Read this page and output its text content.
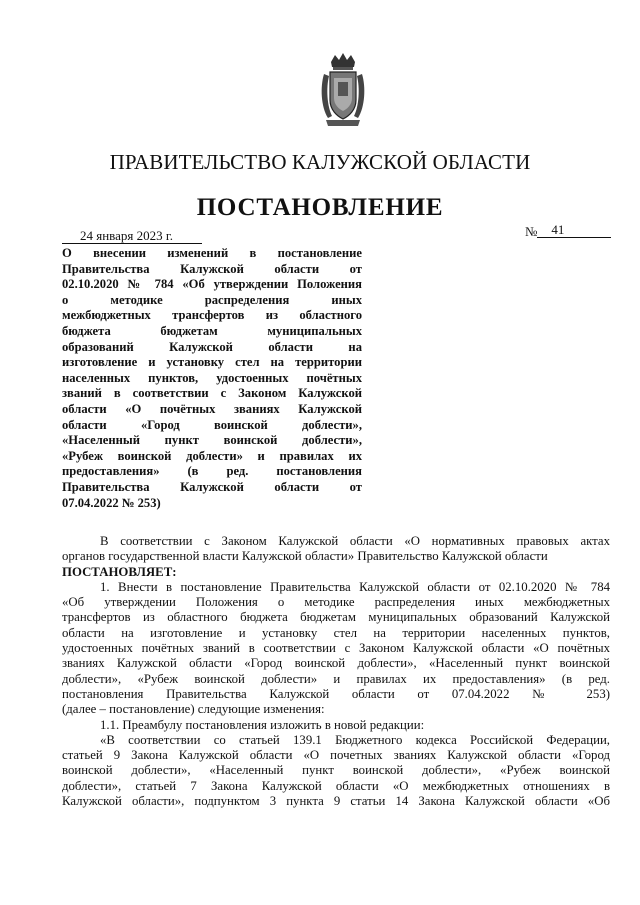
ПРАВИТЕЛЬСТВО КАЛУЖСКОЙ ОБЛАСТИ
ПОСТАНОВЛЕНИЕ
24 января 2023 г.	№ 41
О внесении изменений в постановление
Правительства Калужской области от
02.10.2020 № 784 «Об утверждении Положения
о методике распределения иных
межбюджетных трансфертов из областного
бюджета бюджетам муниципальных
образований Калужской области на
изготовление и установку стел на территории
населенных пунктов, удостоенных почётных
званий в соответствии с Законом Калужской
области «О почётных званиях Калужской
области «Город воинской доблести»,
«Населенный пункт воинской доблести»,
«Рубеж воинской доблести» и правилах их
предоставления» (в ред. постановления
Правительства Калужской области от
07.04.2022 № 253)

В соответствии с Законом Калужской области «О нормативных правовых актах

органов государственной власти Калужской области» Правительство Калужской области

ПОСТАНОВЛЯЕТ:

1. Внести в постановление Правительства Калужской области от 02.10.2020 № 784

«Об утверждении Положения о методике распределения иных межбюджетных
трансфертов из областного бюджета бюджетам муниципальных образований Калужской
области на изготовление и установку стел на территории населенных пунктов,
удостоенных почётных званий в соответствии с Законом Калужской области «О почётных
званиях Калужской области «Город воинской доблести», «Населенный пункт воинской
доблести», «Рубеж воинской доблести» и правилах их предоставления» (в ред.
постановления Правительства Калужской области от 07.04.2022 № 253)
(далее – постановление) следующие изменения:

1.1. Преамбулу постановления изложить в новой редакции:

«В соответствии со статьей 139.1 Бюджетного кодекса Российской Федерации,

статьей 9 Закона Калужской области «О почетных званиях Калужской области «Город
воинской доблести», «Населенный пункт воинской доблести», «Рубеж воинской
доблести», статьей 7 Закона Калужской области «О межбюджетных отношениях в
Калужской области», подпунктом 3 пункта 9 статьи 14 Закона Калужской области «Об
